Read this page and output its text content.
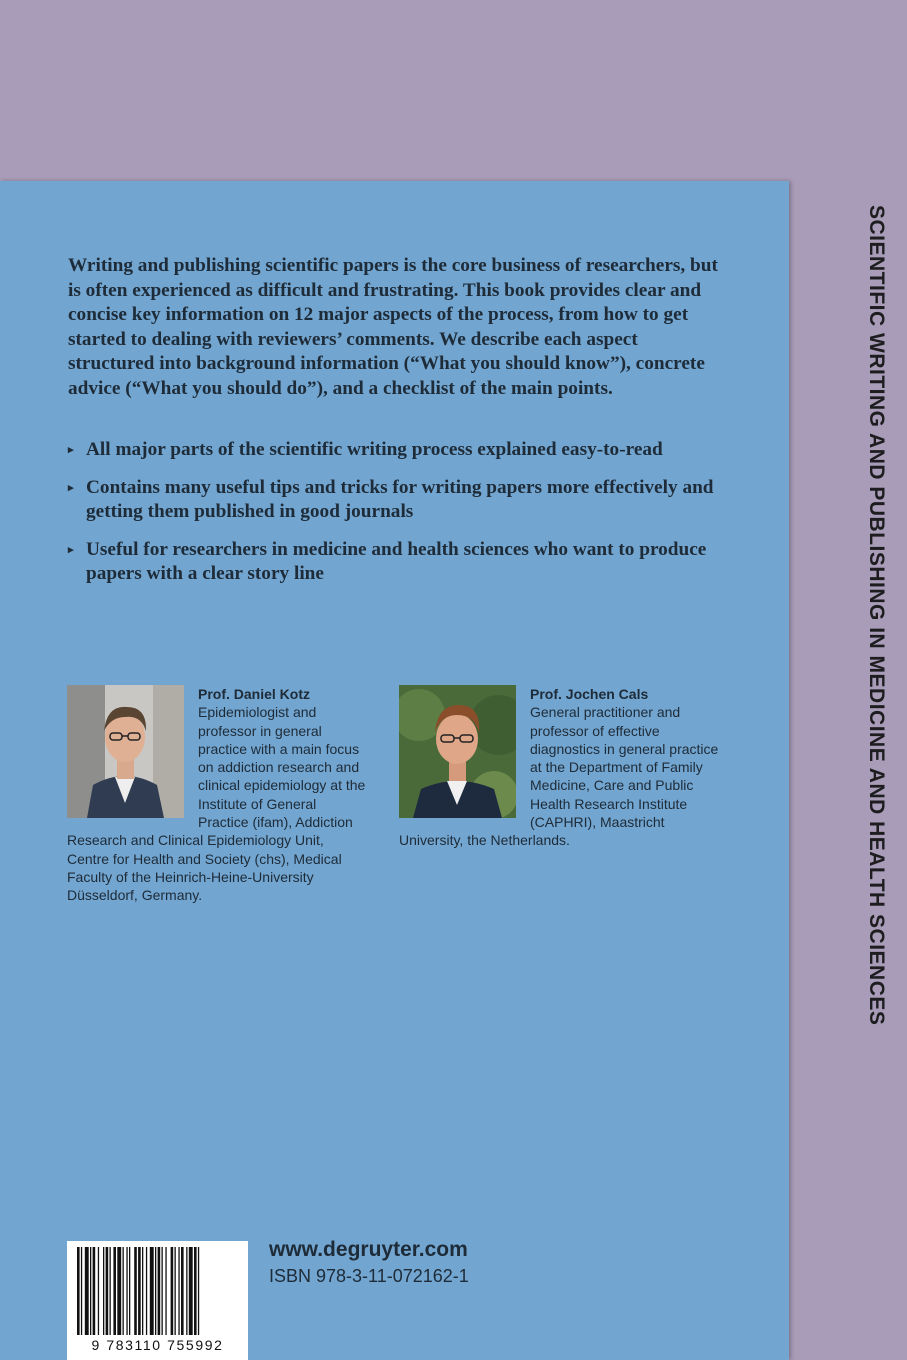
SCIENTIFIC WRITING AND PUBLISHING IN MEDICINE AND HEALTH SCIENCES
Writing and publishing scientific papers is the core business of researchers, but is often experienced as difficult and frustrating. This book provides clear and concise key information on 12 major aspects of the process, from how to get started to dealing with reviewers’ comments. We describe each aspect structured into background information (“What you should know”), concrete advice (“What you should do”), and a checklist of the main points.
▸ All major parts of the scientific writing process explained easy-to-read
▸ Contains many useful tips and tricks for writing papers more effectively and getting them published in good journals
▸ Useful for researchers in medicine and health sciences who want to produce papers with a clear story line
Prof. Daniel Kotz
Epidemiologist and professor in general practice with a main focus on addiction research and clinical epidemiology at the Institute of General Practice (ifam), Addiction Research and Clinical Epidemiology Unit, Centre for Health and Society (chs), Medical Faculty of the Heinrich-Heine-University Düsseldorf, Germany.
Prof. Jochen Cals
General practitioner and professor of effective diagnostics in general practice at the Department of Family Medicine, Care and Public Health Research Institute (CAPHRI), Maastricht University, the Netherlands.
9 783110 755992
www.degruyter.com
ISBN 978-3-11-072162-1
